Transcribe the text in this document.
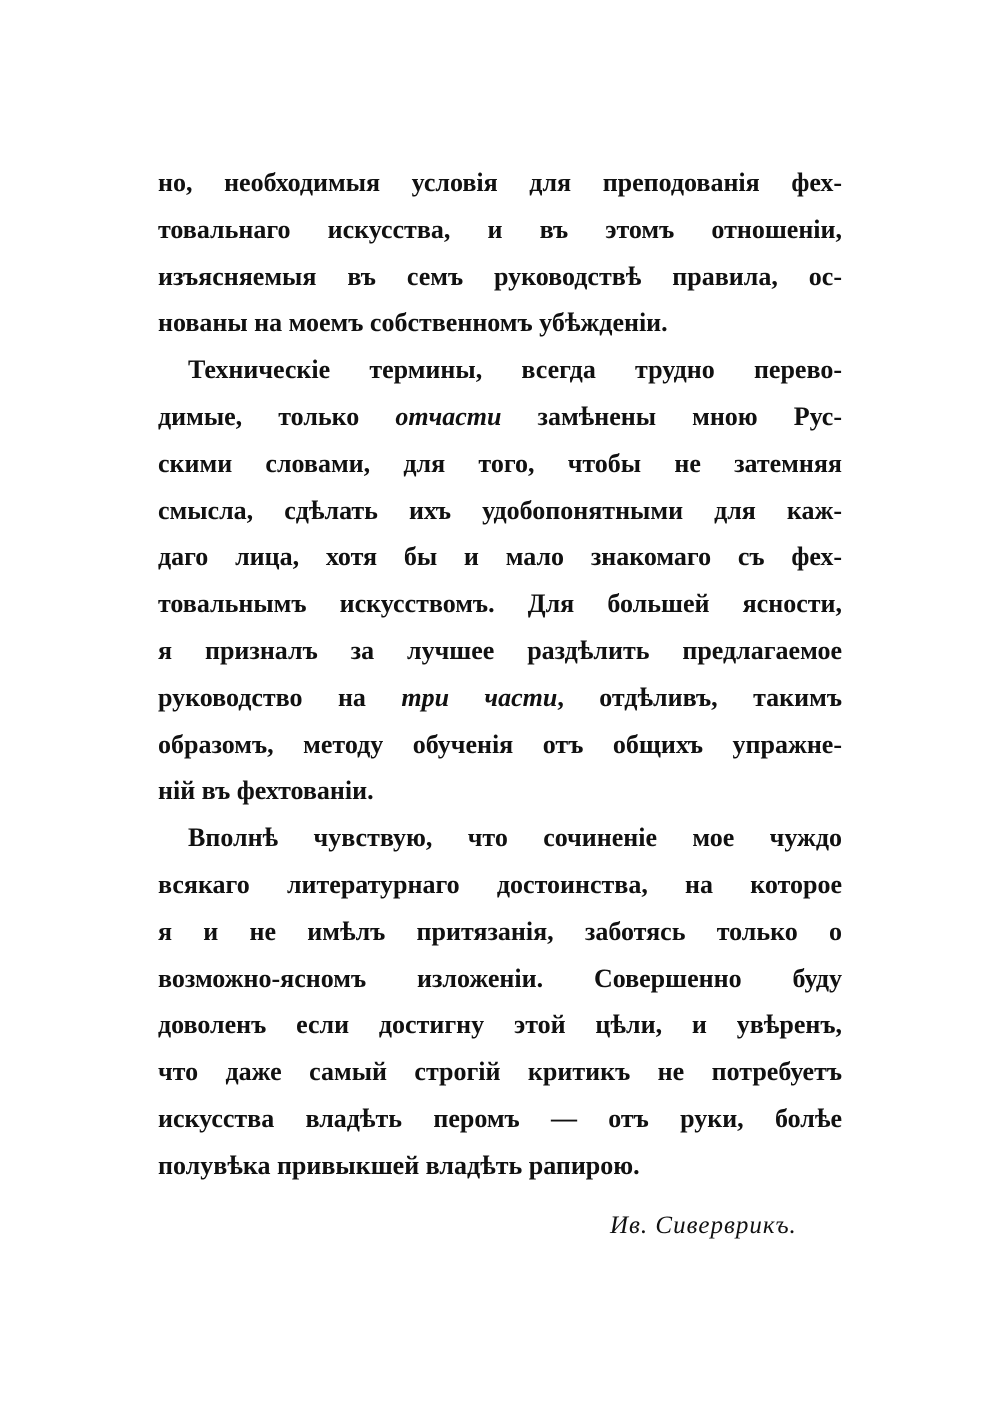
но, необходимыя условія для преподованія фех-
товальнаго искусства, и въ этомъ отношеніи,
изъясняемыя въ семъ руководствѣ правила, ос-
нованы на моемъ собственномъ убѣжденіи.
Техническіе термины, всегда трудно перево-
димые, только отчасти замѣнены мною Рус-
скими словами, для того, чтобы не затемняя
смысла, сдѣлать ихъ удобопонятными для каж-
даго лица, хотя бы и мало знакомаго съ фех-
товальнымъ искусствомъ. Для большей ясности,
я призналъ за лучшее раздѣлить предлагаемое
руководство на три части, отдѣливъ, такимъ
образомъ, методу обученія отъ общихъ упражне-
ній въ фехтованіи.
Вполнѣ чувствую, что сочиненіе мое чуждо
всякаго литературнаго достоинства, на которое
я и не имѣлъ притязанія, заботясь только о
возможно-ясномъ изложеніи. Совершенно буду
доволенъ если достигну этой цѣли, и увѣренъ,
что даже самый строгій критикъ не потребуетъ
искусства владѣть перомъ — отъ руки, болѣе
полувѣка привыкшей владѣть рапирою.
Ив. Сиверврикъ.
